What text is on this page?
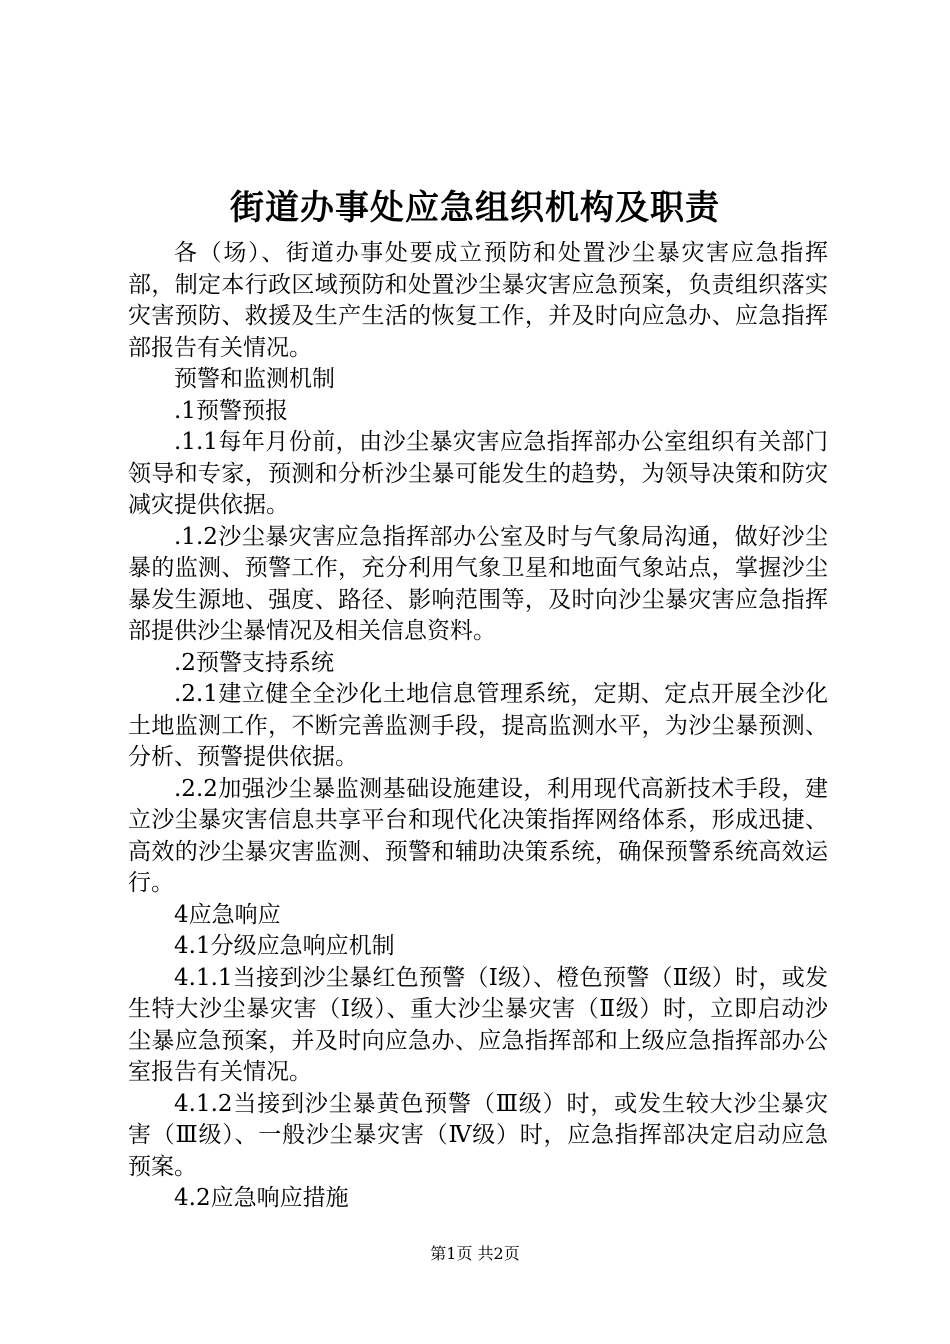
街道办事处应急组织机构及职责

各（场）、街道办事处要成立预防和处置沙尘暴灾害应急指挥部，制定本行政区域预防和处置沙尘暴灾害应急预案，负责组织落实灾害预防、救援及生产生活的恢复工作，并及时向应急办、应急指挥部报告有关情况。

预警和监测机制

.1预警预报

.1.1每年月份前，由沙尘暴灾害应急指挥部办公室组织有关部门领导和专家，预测和分析沙尘暴可能发生的趋势，为领导决策和防灾减灾提供依据。

.1.2沙尘暴灾害应急指挥部办公室及时与气象局沟通，做好沙尘暴的监测、预警工作，充分利用气象卫星和地面气象站点，掌握沙尘暴发生源地、强度、路径、影响范围等，及时向沙尘暴灾害应急指挥部提供沙尘暴情况及相关信息资料。

.2预警支持系统

.2.1建立健全全沙化土地信息管理系统，定期、定点开展全沙化土地监测工作，不断完善监测手段，提高监测水平，为沙尘暴预测、分析、预警提供依据。

.2.2加强沙尘暴监测基础设施建设，利用现代高新技术手段，建立沙尘暴灾害信息共享平台和现代化决策指挥网络体系，形成迅捷、高效的沙尘暴灾害监测、预警和辅助决策系统，确保预警系统高效运行。

4应急响应

4.1分级应急响应机制

4.1.1当接到沙尘暴红色预警（Ⅰ级）、橙色预警（Ⅱ级）时，或发生特大沙尘暴灾害（Ⅰ级）、重大沙尘暴灾害（Ⅱ级）时，立即启动沙尘暴应急预案，并及时向应急办、应急指挥部和上级应急指挥部办公室报告有关情况。

4.1.2当接到沙尘暴黄色预警（Ⅲ级）时，或发生较大沙尘暴灾害（Ⅲ级）、一般沙尘暴灾害（Ⅳ级）时，应急指挥部决定启动应急预案。

4.2应急响应措施

第1页 共2页
